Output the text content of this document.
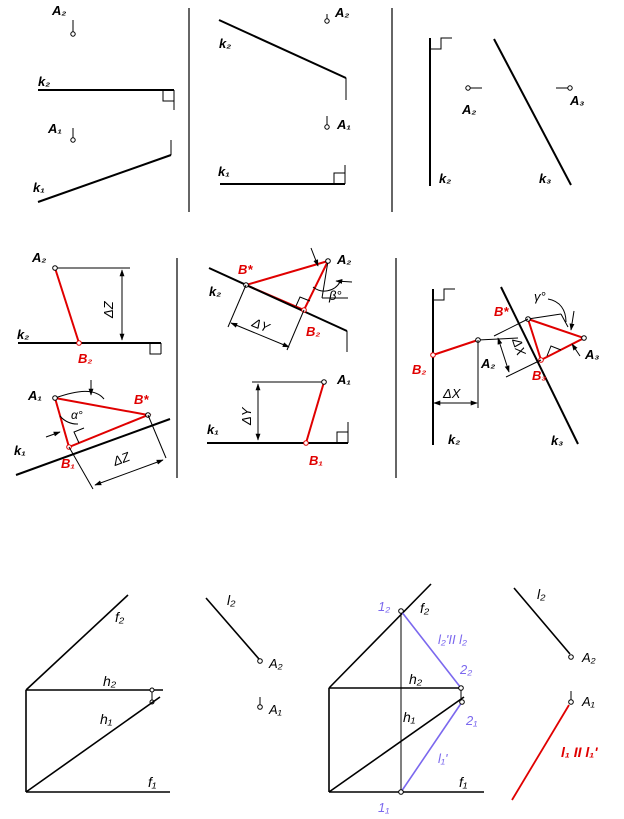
A₂
k₂
A₁
k₁
A₂
k₂
A₁
k₁	k₂
A₂
k₃
A₃
A₂
ΔZ
k₂
B₂
A₁
α°
B*
k₁
B₁	ΔZ
B*
A₂
k₂	β°
B₂
ΔY
A₁
ΔY
k₁
B₁
k₂
B₂	A₂
ΔX
k₃
γ°
B*
A₃
B₃
ΔX
f₂
h₂
h₁
f₁
l₂
A₂
A₁
f₂
h₂
h₁
f₁
1₂
1₁
2₂
2₁
l₂'II l₂
l₁'
l₂
A₂
A₁
l₁ II l₁'
